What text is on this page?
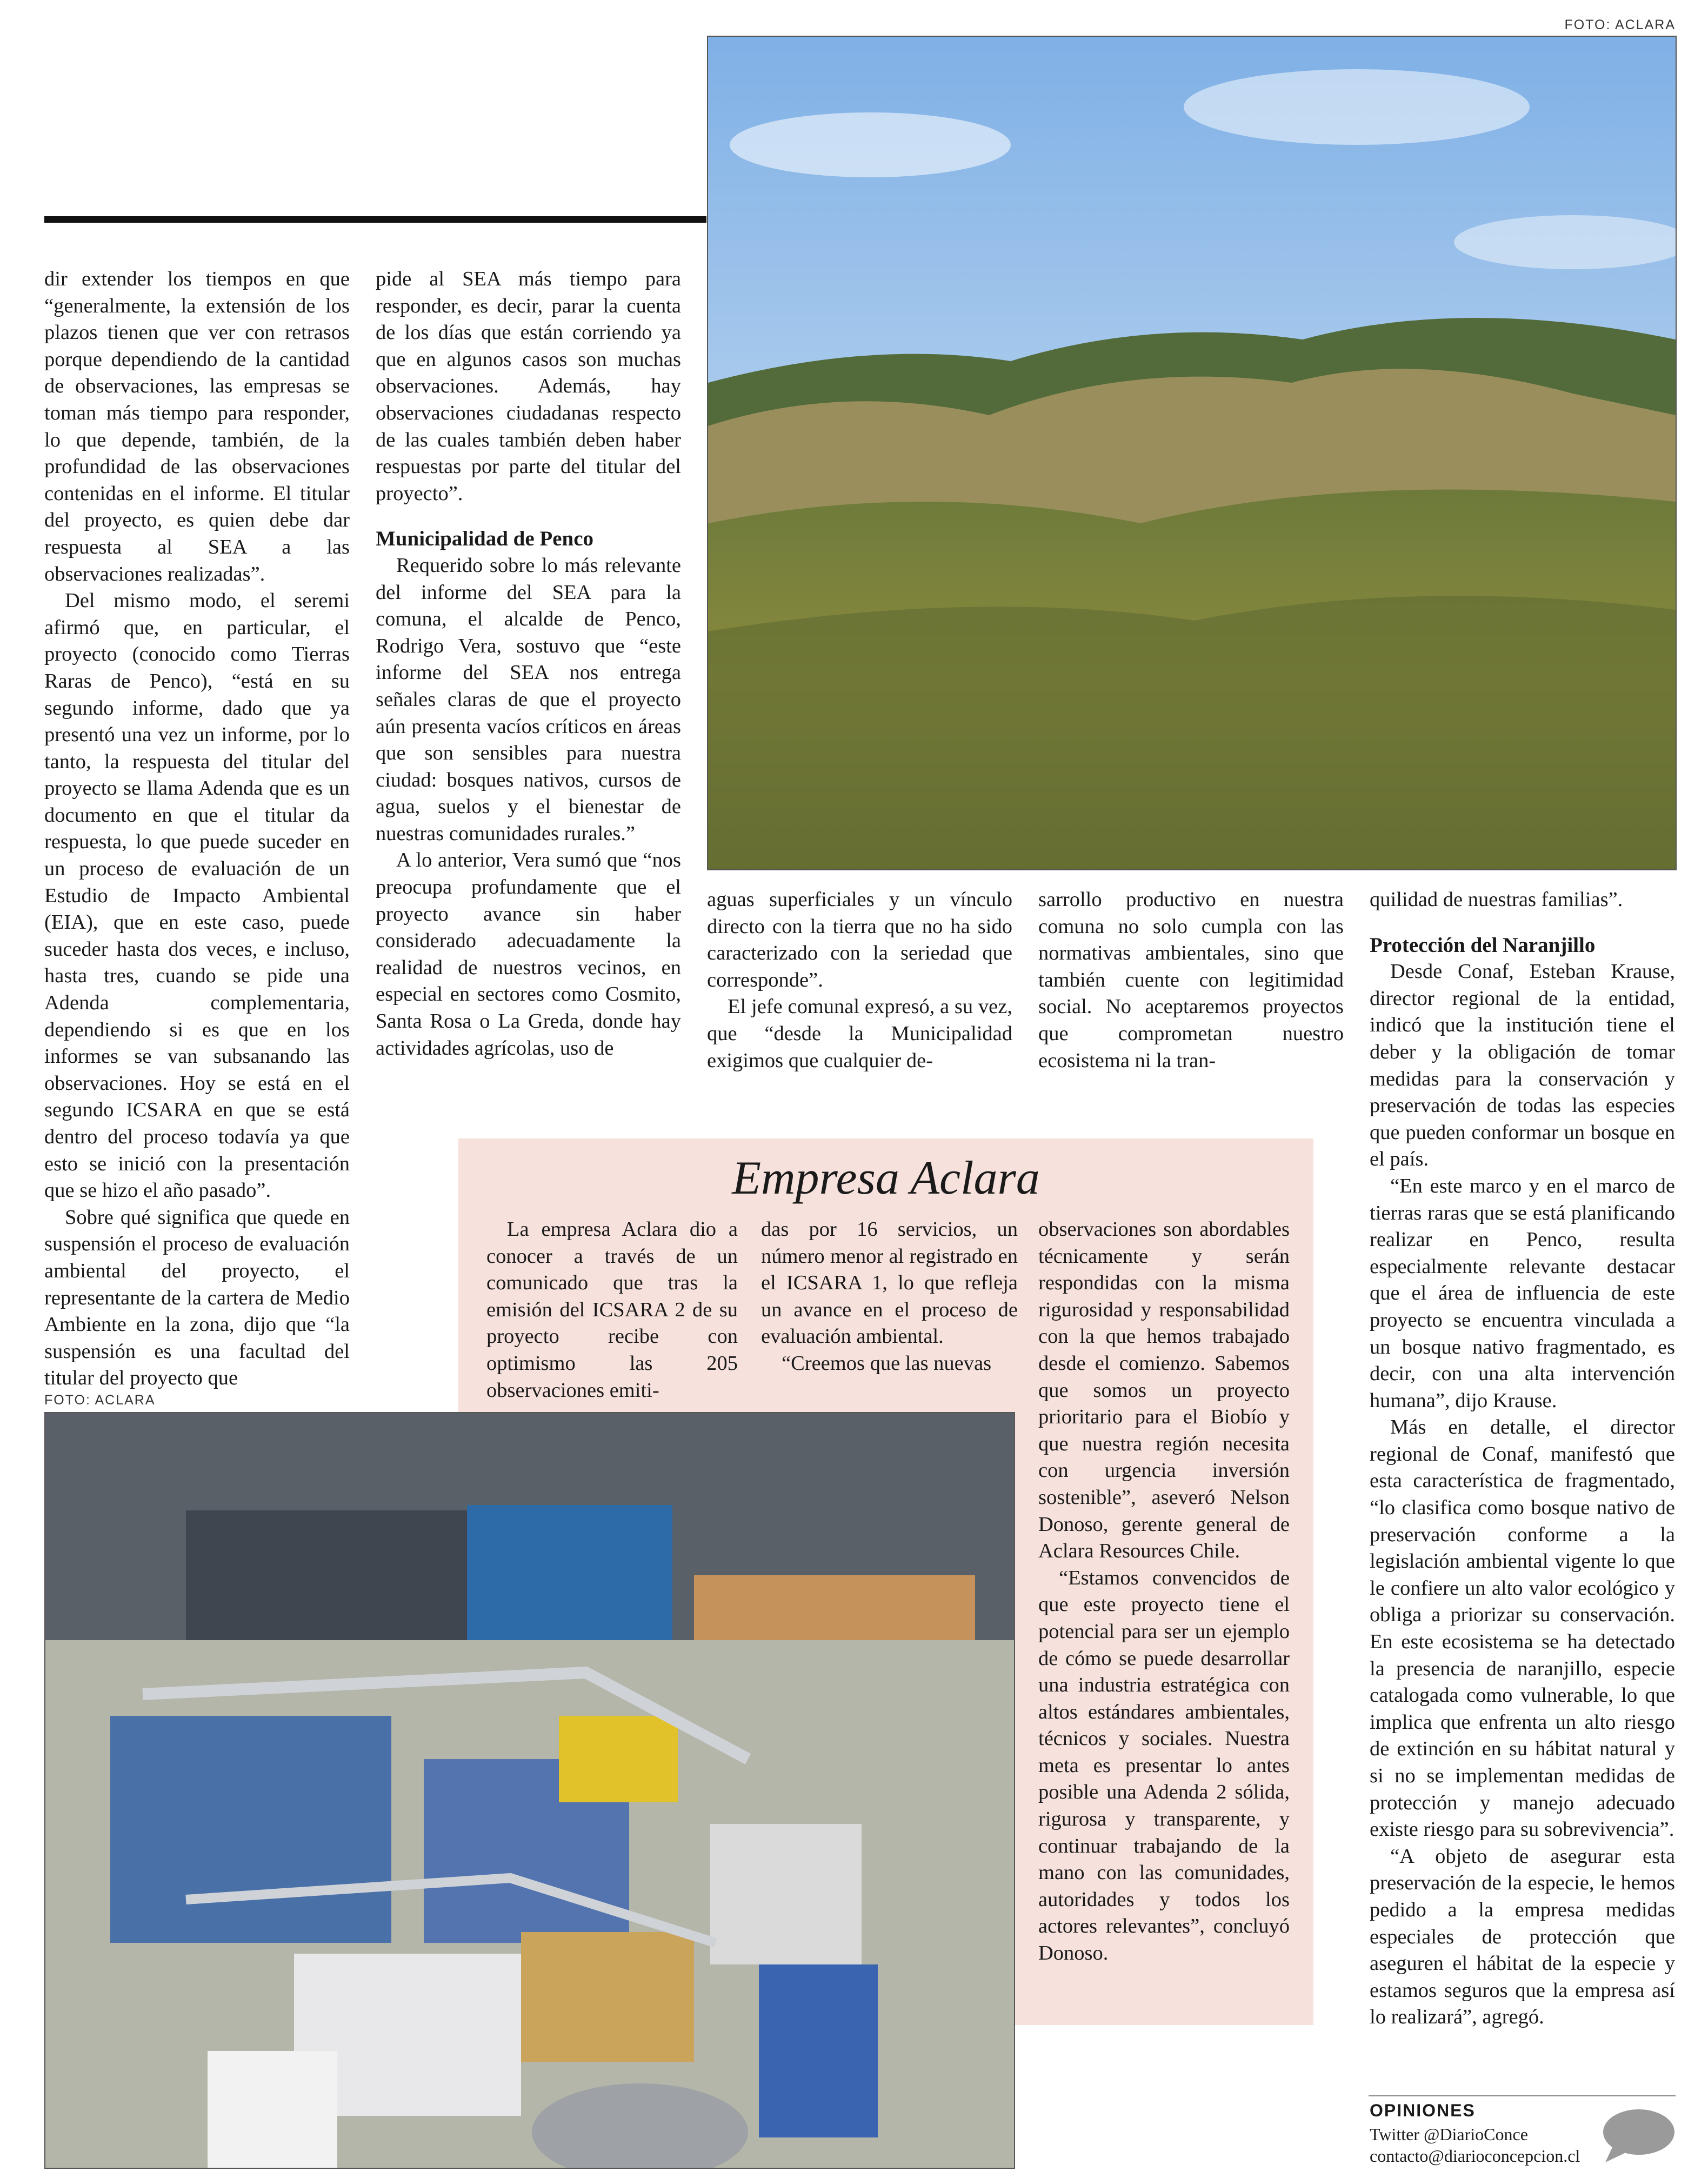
FOTO: ACLARA

dir extender los tiempos en que “generalmente, la extensión de los plazos tienen que ver con retrasos porque dependiendo de la cantidad de observaciones, las empresas se toman más tiempo para responder, lo que depende, también, de la profundidad de las observaciones contenidas en el informe. El titular del proyecto, es quien debe dar respuesta al SEA a las observaciones realizadas”.

Del mismo modo, el seremi afirmó que, en particular, el proyecto (conocido como Tierras Raras de Penco), “está en su segundo informe, dado que ya presentó una vez un informe, por lo tanto, la respuesta del titular del proyecto se llama Adenda que es un documento en que el titular da respuesta, lo que puede suceder en un proceso de evaluación de un Estudio de Impacto Ambiental (EIA), que en este caso, puede suceder hasta dos veces, e incluso, hasta tres, cuando se pide una Adenda complementaria, dependiendo si es que en los informes se van subsanando las observaciones. Hoy se está en el segundo ICSARA en que se está dentro del proceso todavía ya que esto se inició con la presentación que se hizo el año pasado”.

Sobre qué significa que quede en suspensión el proceso de evaluación ambiental del proyecto, el representante de la cartera de Medio Ambiente en la zona, dijo que “la suspensión es una facultad del titular del proyecto que

pide al SEA más tiempo para responder, es decir, parar la cuenta de los días que están corriendo ya que en algunos casos son muchas observaciones. Además, hay observaciones ciudadanas respecto de las cuales también deben haber respuestas por parte del titular del proyecto”.

Municipalidad de Penco

Requerido sobre lo más relevante del informe del SEA para la comuna, el alcalde de Penco, Rodrigo Vera, sostuvo que “este informe del SEA nos entrega señales claras de que el proyecto aún presenta vacíos críticos en áreas que son sensibles para nuestra ciudad: bosques nativos, cursos de agua, suelos y el bienestar de nuestras comunidades rurales.”

A lo anterior, Vera sumó que “nos preocupa profundamente que el proyecto avance sin haber considerado adecuadamente la realidad de nuestros vecinos, en especial en sectores como Cosmito, Santa Rosa o La Greda, donde hay actividades agrícolas, uso de

aguas superficiales y un vínculo directo con la tierra que no ha sido caracterizado con la seriedad que corresponde”.

El jefe comunal expresó, a su vez, que “desde la Municipalidad exigimos que cualquier de-

sarrollo productivo en nuestra comuna no solo cumpla con las normativas ambientales, sino que también cuente con legitimidad social. No aceptaremos proyectos que comprometan nuestro ecosistema ni la tran-

quilidad de nuestras familias”.

Protección del Naranjillo

Desde Conaf, Esteban Krause, director regional de la entidad, indicó que la institución tiene el deber y la obligación de tomar medidas para la conservación y preservación de todas las especies que pueden conformar un bosque en el país.

“En este marco y en el marco de tierras raras que se está planificando realizar en Penco, resulta especialmente relevante destacar que el área de influencia de este proyecto se encuentra vinculada a un bosque nativo fragmentado, es decir, con una alta intervención humana”, dijo Krause.

Más en detalle, el director regional de Conaf, manifestó que esta característica de fragmentado, “lo clasifica como bosque nativo de preservación conforme a la legislación ambiental vigente lo que le confiere un alto valor ecológico y obliga a priorizar su conservación. En este ecosistema se ha detectado la presencia de naranjillo, especie catalogada como vulnerable, lo que implica que enfrenta un alto riesgo de extinción en su hábitat natural y si no se implementan medidas de protección y manejo adecuado existe riesgo para su sobrevivencia”.

“A objeto de asegurar esta preservación de la especie, le hemos pedido a la empresa medidas especiales de protección que aseguren el hábitat de la especie y estamos seguros que la empresa así lo realizará”, agregó.

Empresa Aclara

La empresa Aclara dio a conocer a través de un comunicado que tras la emisión del ICSARA 2 de su proyecto recibe con optimismo las 205 observaciones emiti-

das por 16 servicios, un número menor al registrado en el ICSARA 1, lo que refleja un avance en el proceso de evaluación ambiental.

“Creemos que las nuevas

observaciones son abordables técnicamente y serán respondidas con la misma rigurosidad y responsabilidad con la que hemos trabajado desde el comienzo. Sabemos que somos un proyecto prioritario para el Biobío y que nuestra región necesita con urgencia inversión sostenible”, aseveró Nelson Donoso, gerente general de Aclara Resources Chile.

“Estamos convencidos de que este proyecto tiene el potencial para ser un ejemplo de cómo se puede desarrollar una industria estratégica con altos estándares ambientales, técnicos y sociales. Nuestra meta es presentar lo antes posible una Adenda 2 sólida, rigurosa y transparente, y continuar trabajando de la mano con las comunidades, autoridades y todos los actores relevantes”, concluyó Donoso.

FOTO: ACLARA
OPINIONES
Twitter @DiarioConce
contacto@diarioconcepcion.cl
